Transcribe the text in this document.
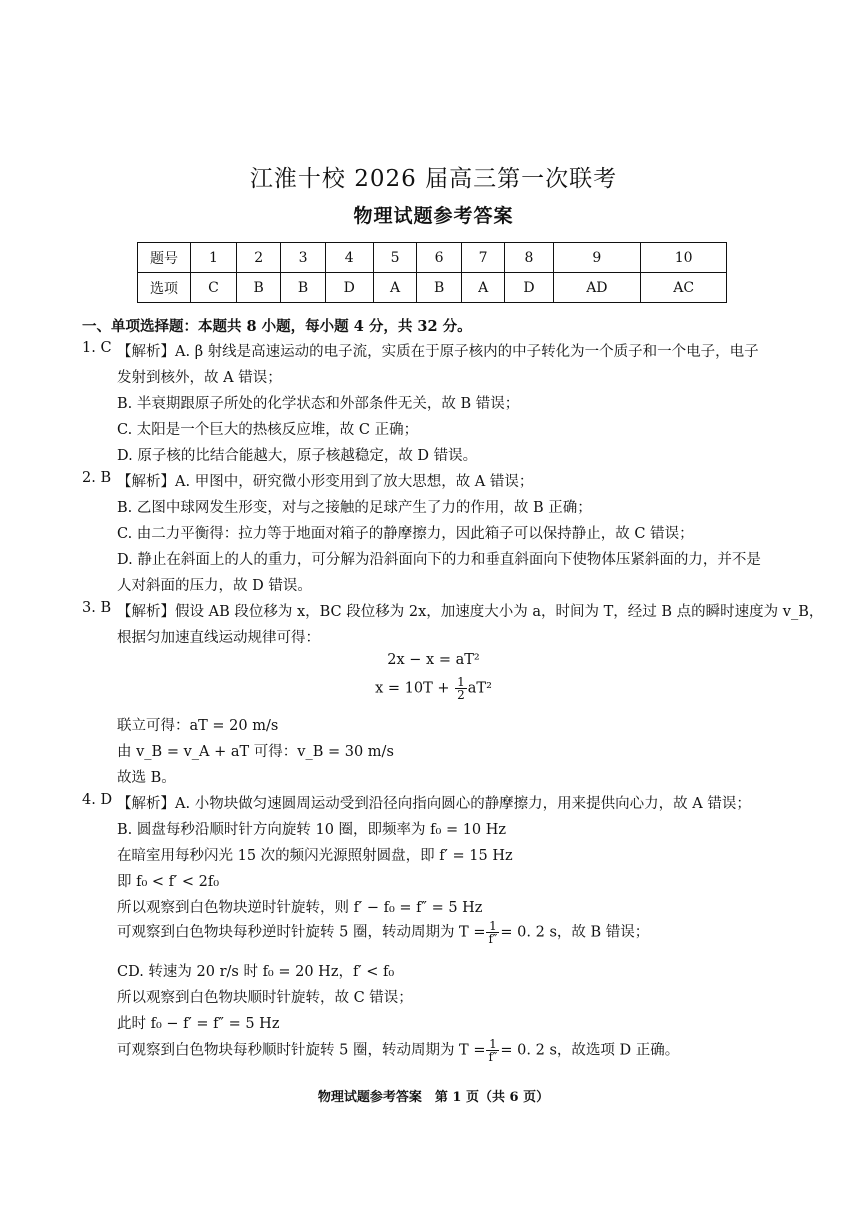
江淮十校 2026 届高三第一次联考
物理试题参考答案
题号	1	2	3	4	5	6	7	8	9	10
选项	C	B	B	D	A	B	A	D	AD	AC
一、单项选择题：本题共 8 小题，每小题 4 分，共 32 分。
1. C 【解析】A. β 射线是高速运动的电子流，实质在于原子核内的中子转化为一个质子和一个电子，电子
发射到核外，故 A 错误；
B. 半衰期跟原子所处的化学状态和外部条件无关，故 B 错误；
C. 太阳是一个巨大的热核反应堆，故 C 正确；
D. 原子核的比结合能越大，原子核越稳定，故 D 错误。
2. B 【解析】A. 甲图中，研究微小形变用到了放大思想，故 A 错误；
B. 乙图中球网发生形变，对与之接触的足球产生了力的作用，故 B 正确；
C. 由二力平衡得：拉力等于地面对箱子的静摩擦力，因此箱子可以保持静止，故 C 错误；
D. 静止在斜面上的人的重力，可分解为沿斜面向下的力和垂直斜面向下使物体压紧斜面的力，并不是
人对斜面的压力，故 D 错误。
3. B 【解析】假设 AB 段位移为 x，BC 段位移为 2x，加速度大小为 a，时间为 T，经过 B 点的瞬时速度为 v_B，
根据匀加速直线运动规律可得：
2x − x = aT²
$x = 10T + \frac{1}{2} aT^2$
联立可得：aT = 20 m/s
由 v_B = v_A + aT 可得：v_B = 30 m/s
故选 B。
4. D 【解析】A. 小物块做匀速圆周运动受到沿径向指向圆心的静摩擦力，用来提供向心力，故 A 错误；
B. 圆盘每秒沿顺时针方向旋转 10 圈，即频率为 f₀ = 10 Hz
在暗室用每秒闪光 15 次的频闪光源照射圆盘，即 f′ = 15 Hz
即 f₀ < f′ < 2f₀
所以观察到白色物块逆时针旋转，则 f′ − f₀ = f″ = 5 Hz
可观察到白色物块每秒逆时针旋转 5 圈，转动周期为 $T = \frac{1}{f''} = 0$. 2 s，故 B 错误；
CD. 转速为 20 r/s 时 f₀ = 20 Hz，f′ < f₀
所以观察到白色物块顺时针旋转，故 C 错误；
此时 f₀ − f′ = f″ = 5 Hz
可观察到白色物块每秒顺时针旋转 5 圈，转动周期为 $T = \frac{1}{f''} = 0$. 2 s，故选项 D 正确。
物理试题参考答案　第 1 页（共 6 页）
